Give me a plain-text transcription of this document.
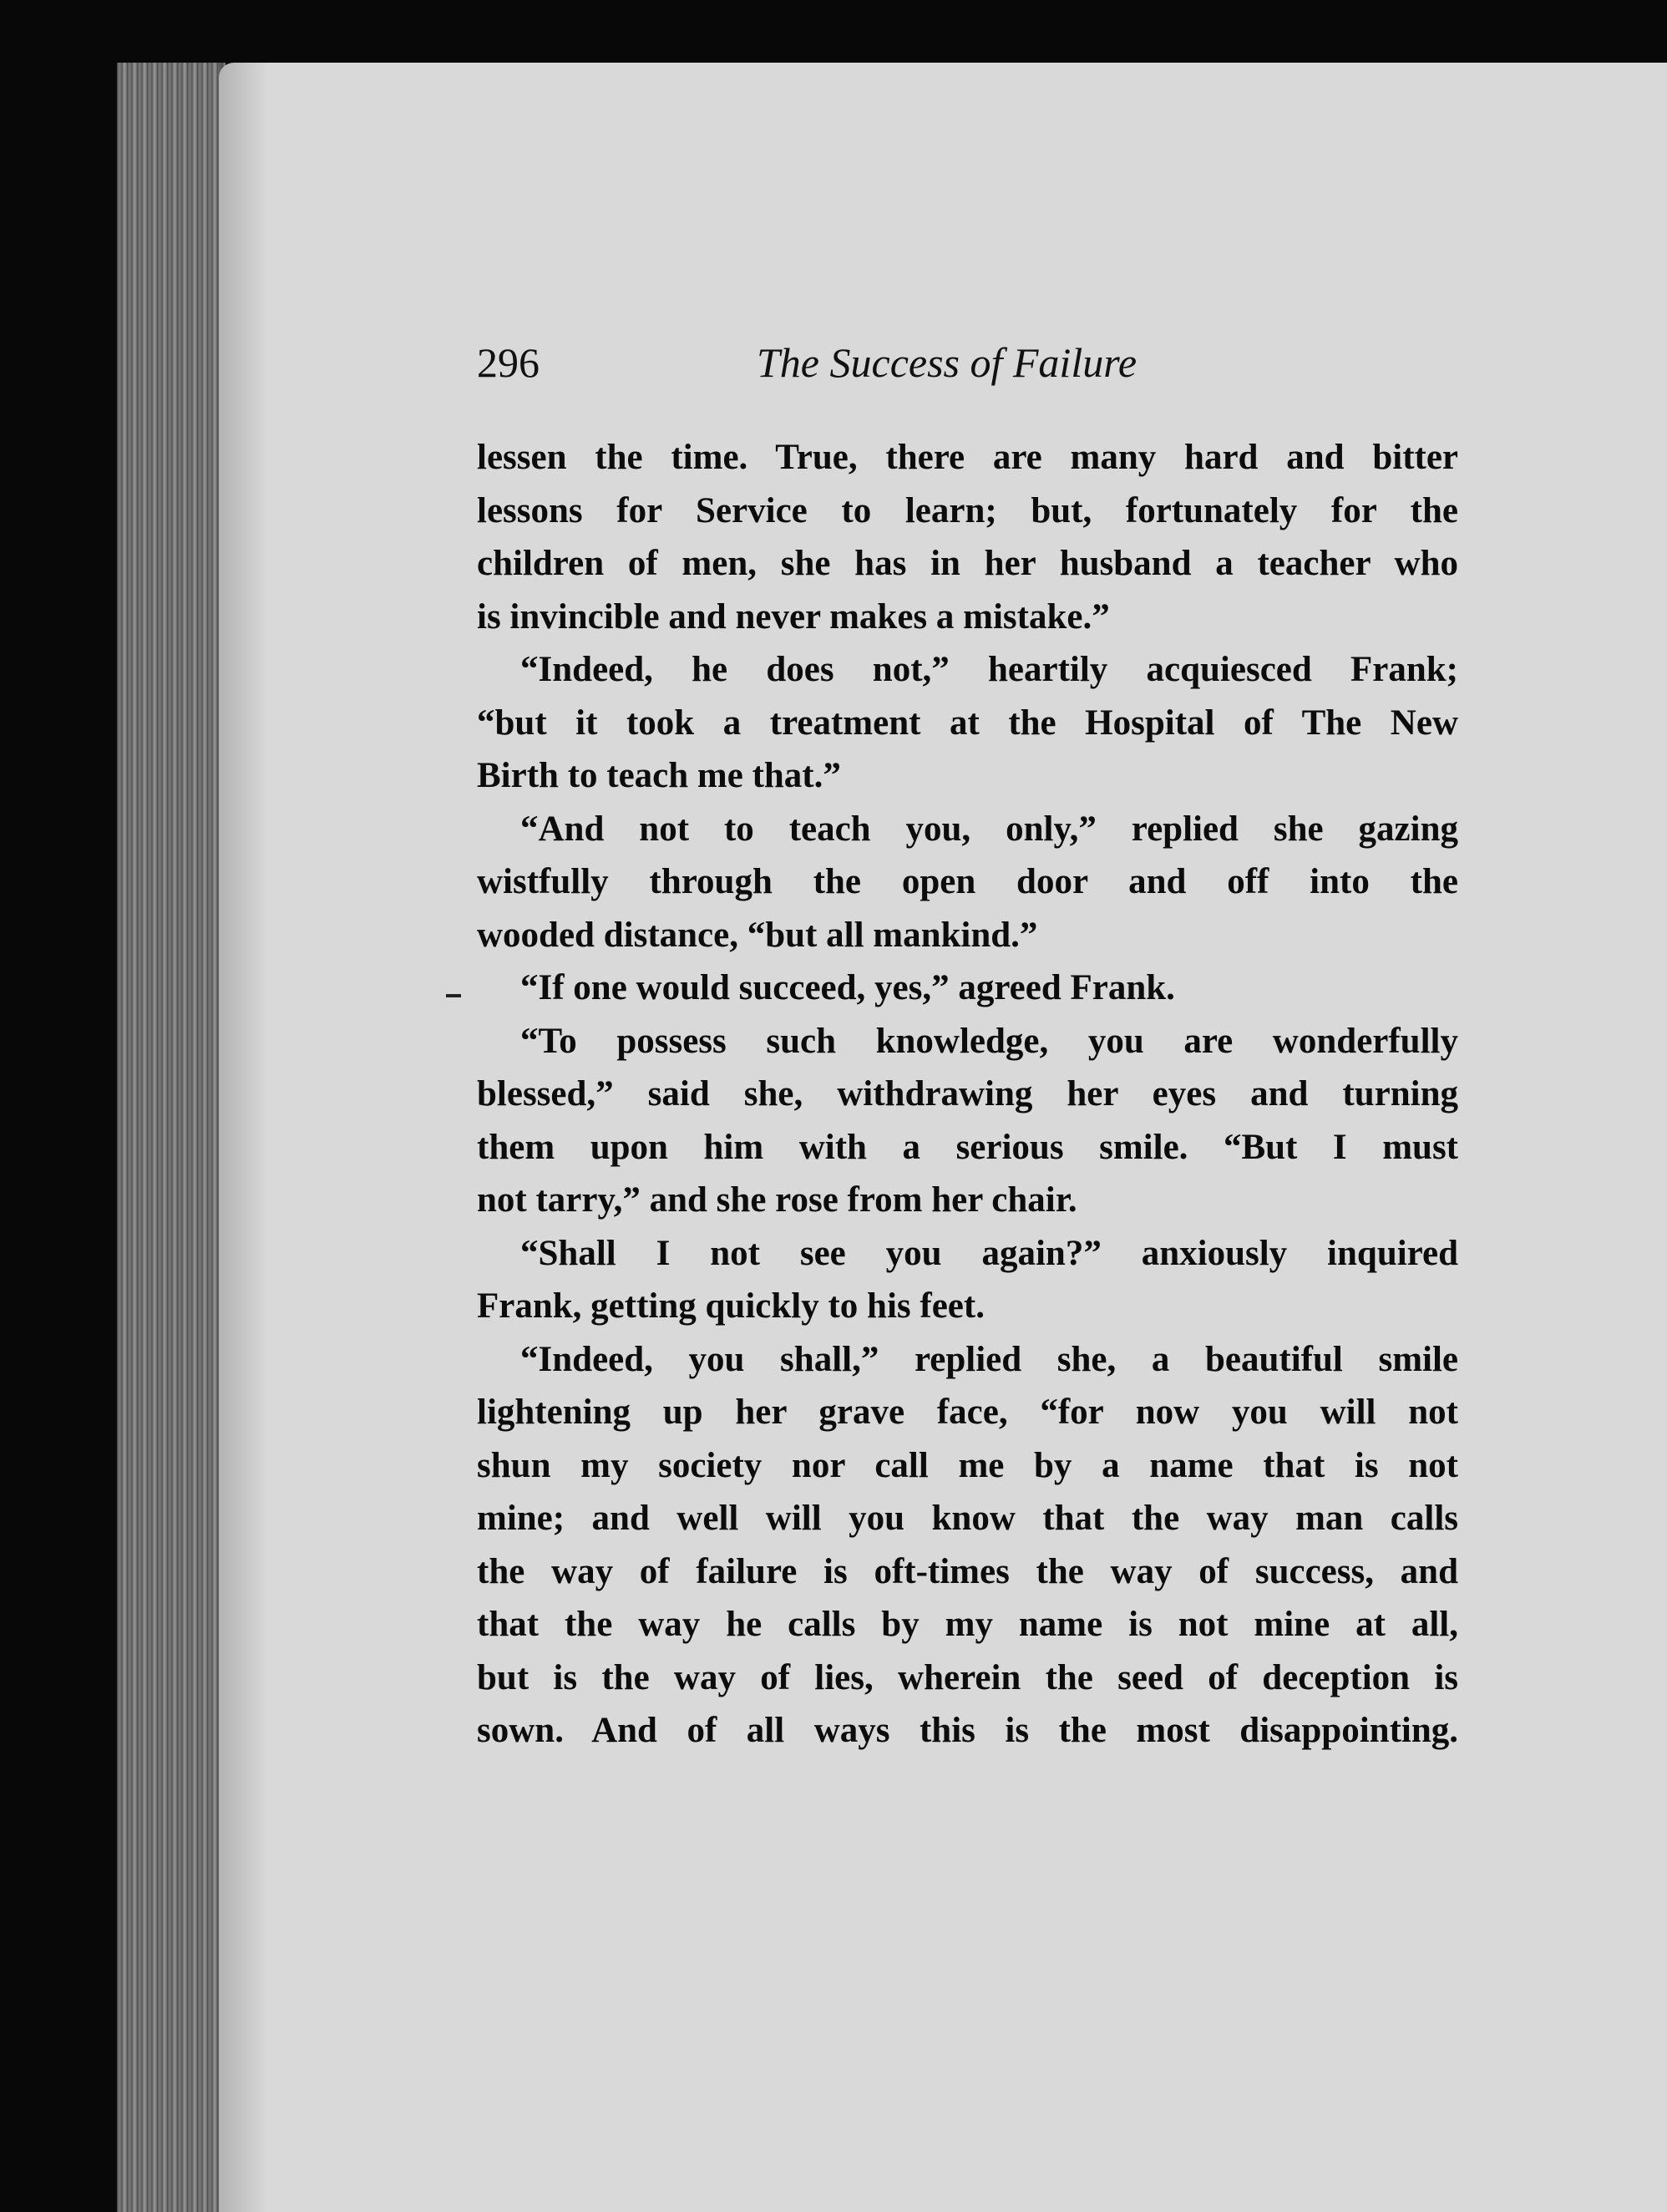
296	The Success of Failure
lessen the time. True, there are many hard and bitter
lessons for Service to learn; but, fortunately for the
children of men, she has in her husband a teacher who
is invincible and never makes a mistake.”
“Indeed, he does not,” heartily acquiesced Frank;
“but it took a treatment at the Hospital of The New
Birth to teach me that.”
“And not to teach you, only,” replied she gazing
wistfully through the open door and off into the
wooded distance, “but all mankind.”
“If one would succeed, yes,” agreed Frank.
“To possess such knowledge, you are wonderfully
blessed,” said she, withdrawing her eyes and turning
them upon him with a serious smile. “But I must
not tarry,” and she rose from her chair.
“Shall I not see you again?” anxiously inquired
Frank, getting quickly to his feet.
“Indeed, you shall,” replied she, a beautiful smile
lightening up her grave face, “for now you will not
shun my society nor call me by a name that is not
mine; and well will you know that the way man calls
the way of failure is oft-times the way of success, and
that the way he calls by my name is not mine at all,
but is the way of lies, wherein the seed of deception is
sown. And of all ways this is the most disappointing.
